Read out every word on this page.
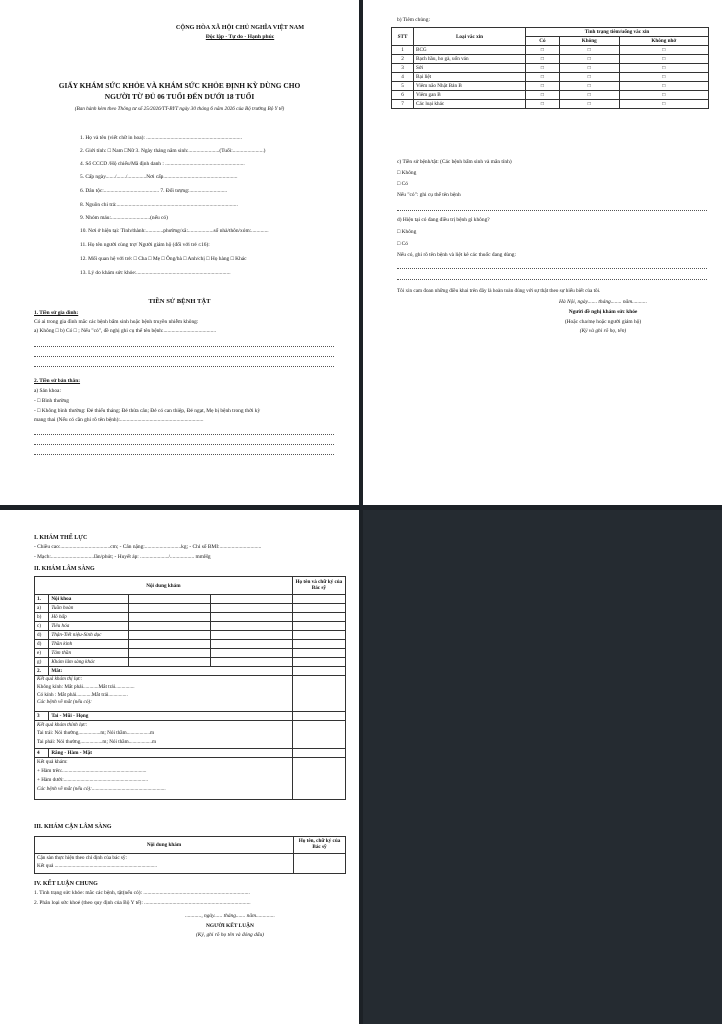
CỘNG HÒA XÃ HỘI CHỦ NGHĨA VIỆT NAM
Độc lập - Tự do - Hạnh phúc
GIẤY KHÁM SỨC KHỎE VÀ KHÁM SỨC KHỎE ĐỊNH KỲ DÙNG CHO
NGƯỜI TỪ ĐỦ 06 TUỔI ĐẾN DƯỚI 18 TUỔI
(Ban hành kèm theo Thông tư số 25/2026/TT-BYT ngày 30 tháng 6 năm 2026 của Bộ trưởng Bộ Y tế)
1. Họ và tên (viết chữ in hoa): .......................................................................
2. Giới tính: □ Nam □Nữ 3. Ngày tháng năm sinh:.......................(Tuổi:.......................)
4. Số CCCD /Hộ chiếu/Mã định danh : ...........................................................
5. Cấp ngày......./......./..............Nơi cấp.......................................................
6. Dân tộc:......................................... 7. Đối tượng:............................
8. Nguồn chi trả:..........................................................................................
9. Nhóm máu:.............................(nếu có)
10. Nơi ở hiện tại: Tỉnh/thành:.............phường/xã:...................số nhà/thôn/xóm:.............
11. Họ tên người cùng trợ/ Người giám hộ (đối với trẻ ≤16):
12. Mối quan hệ với trẻ: □ Cha □ Mẹ □ Ông/bà □ Anh/chị □ Họ hàng □ Khác
13. Lý do khám sức khỏe:......................................................................
TIỀN SỬ BỆNH TẬT
1. Tiền sử gia đình:
Có ai trong gia đình mắc các bệnh bẩm sinh hoặc bệnh truyền nhiễm không:
a) Không □ b) Có □ ; Nếu "có", đề nghị ghi cụ thể tên bệnh:.......................................
2. Tiền sử bản thân:
a) Sản khoa:
- □ Bình thường
- □ Không bình thường: Đẻ thiếu tháng; Đẻ thừa cân; Đẻ có can thiệp, Đẻ ngạt, Mẹ bị bệnh trong thời kỳ
mang thai (Nếu có cần ghi rõ tên bệnh):..............................................................
b) Tiêm chủng:
STT	Loại vắc xin	Tình trạng tiêm/uống vắc xin		
		Có	Không	Không nhớ
1	BCG	□	□	□
2	Bạch hầu, ho gà, uốn ván	□	□	□
3	Sởi	□	□	□
4	Bại liệt	□	□	□
5	Viêm não Nhật Bản B	□	□	□
6	Viêm gan B	□	□	□
7	Các loại khác	□	□	□
c) Tiền sử bệnh/tật: (Các bệnh bẩm sinh và mãn tính)
□ Không
□ Có
Nếu "có": ghi cụ thể tên bệnh
d) Hiện tại có đang điều trị bệnh gì không?
□ Không
□ Có
Nếu có, ghi rõ tên bệnh và liệt kê các thuốc đang dùng:
Tôi xin cam đoan những điều khai trên đây là hoàn toàn đúng với sự thật theo sự hiểu biết của tôi.
Hà Nội, ngày....... tháng........ năm...........
Người đề nghị khám sức khỏe
(Hoặc cha/mẹ hoặc người giám hộ)
(Ký và ghi rõ họ, tên)
I. KHÁM THỂ LỰC
- Chiều cao:.....................................cm; - Cân nặng:...........................kg; - Chỉ số BMI:...............................
- Mạch:................................lần/phút; - Huyết áp: ...................../.................. mmHg
II. KHÁM LÂM SÀNG
Nội dung khám				Họ tên và chữ ký của Bác sỹ
1.	Nội khoa			
a)	Tuần hoàn			
b)	Hô hấp			
c)	Tiêu hóa			
d)	Thận-Tiết niệu-Sinh dục			
đ)	Thần kinh			
e)	Tâm thần			
g)	Khám lâm sàng khác			
2.	Mắt:			

Kết quả khám thị lực:
Không kính: Mắt phải............Mắt trái...............
Có kính : Mắt phải............Mắt trái...............
Các bệnh về mắt (nếu có):				

3	Tai - Mũi - Họng			

Kết quả khám thính lực:
Tai trái: Nói thường.................m; Nói thầm..................m
Tai phải: Nói thường.................m; Nói thầm..................m				

4	Răng - Hàm - Mặt			

Kết quả khám:
+ Hàm trên:.................................................................
+ Hàm dưới:.................................................................
Các bệnh về mắt (nếu có):.........................................................				

III. KHÁM CẬN LÂM SÀNG
Nội dung khám	Họ tên, chữ ký của Bác sỹ

Cận sàn thực hiện theo chỉ định của bác sỹ:
Kết quả ...............................................................................	

IV. KẾT LUẬN CHUNG
1. Tình trạng sức khỏe: mắc các bệnh, tật(nếu có): ...............................................................................
2. Phân loại sức khoẻ (theo quy định của Bộ Y tế): ...............................................................................
............, ngày...... tháng....... năm..............
NGƯỜI KẾT LUẬN
(Ký, ghi rõ họ tên và đóng dấu)
